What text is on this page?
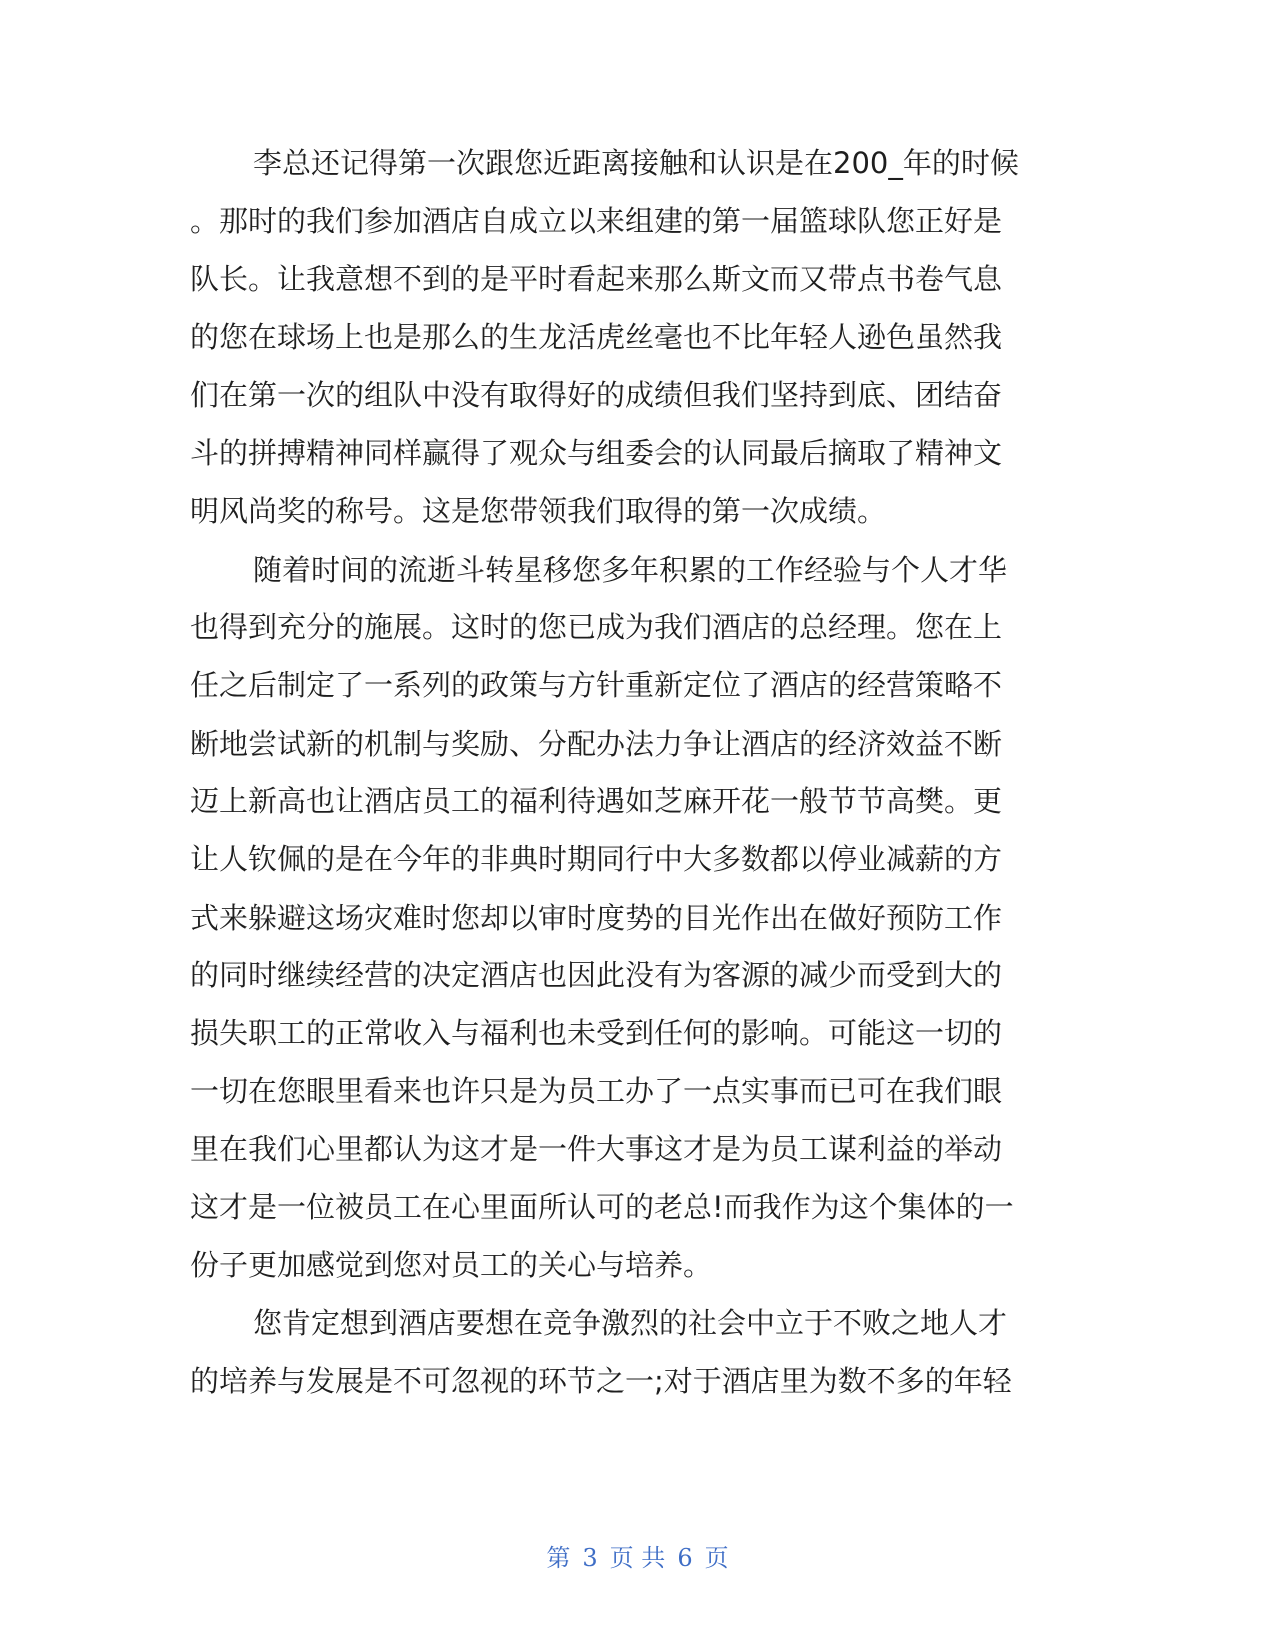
李总还记得第一次跟您近距离接触和认识是在200_年的时候
。那时的我们参加酒店自成立以来组建的第一届篮球队您正好是
队长。让我意想不到的是平时看起来那么斯文而又带点书卷气息
的您在球场上也是那么的生龙活虎丝毫也不比年轻人逊色虽然我
们在第一次的组队中没有取得好的成绩但我们坚持到底、团结奋
斗的拼搏精神同样赢得了观众与组委会的认同最后摘取了精神文
明风尚奖的称号。这是您带领我们取得的第一次成绩。
随着时间的流逝斗转星移您多年积累的工作经验与个人才华
也得到充分的施展。这时的您已成为我们酒店的总经理。您在上
任之后制定了一系列的政策与方针重新定位了酒店的经营策略不
断地尝试新的机制与奖励、分配办法力争让酒店的经济效益不断
迈上新高也让酒店员工的福利待遇如芝麻开花一般节节高樊。更
让人钦佩的是在今年的非典时期同行中大多数都以停业减薪的方
式来躲避这场灾难时您却以审时度势的目光作出在做好预防工作
的同时继续经营的决定酒店也因此没有为客源的减少而受到大的
损失职工的正常收入与福利也未受到任何的影响。可能这一切的
一切在您眼里看来也许只是为员工办了一点实事而已可在我们眼
里在我们心里都认为这才是一件大事这才是为员工谋利益的举动
这才是一位被员工在心里面所认可的老总!而我作为这个集体的一
份子更加感觉到您对员工的关心与培养。
您肯定想到酒店要想在竞争激烈的社会中立于不败之地人才
的培养与发展是不可忽视的环节之一;对于酒店里为数不多的年轻
第 3 页 共 6 页
